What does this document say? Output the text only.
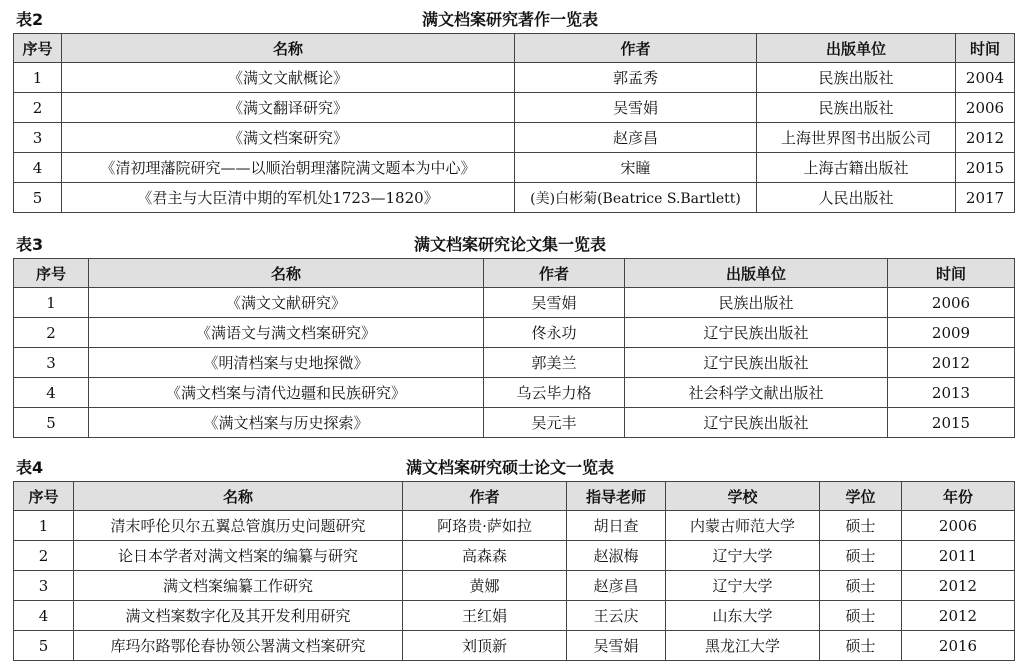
表2	满文档案研究著作一览表
序号	名称	作者	出版单位	时间
1	《满文文献概论》	郭孟秀	民族出版社	2004
2	《满文翻译研究》	吴雪娟	民族出版社	2006
3	《满文档案研究》	赵彦昌	上海世界图书出版公司	2012
4	《清初理藩院研究——以顺治朝理藩院满文题本为中心》	宋瞳	上海古籍出版社	2015
5	《君主与大臣清中期的军机处1723—1820》	(美)白彬菊(Beatrice S.Bartlett)	人民出版社	2017
表3	满文档案研究论文集一览表
序号	名称	作者	出版单位	时间
1	《满文文献研究》	吴雪娟	民族出版社	2006
2	《满语文与满文档案研究》	佟永功	辽宁民族出版社	2009
3	《明清档案与史地探微》	郭美兰	辽宁民族出版社	2012
4	《满文档案与清代边疆和民族研究》	乌云毕力格	社会科学文献出版社	2013
5	《满文档案与历史探索》	吴元丰	辽宁民族出版社	2015
表4	满文档案研究硕士论文一览表
序号	名称	作者	指导老师	学校	学位	年份
1	清末呼伦贝尔五翼总管旗历史问题研究	阿珞贵·萨如拉	胡日查	内蒙古师范大学	硕士	2006
2	论日本学者对满文档案的编纂与研究	高森森	赵淑梅	辽宁大学	硕士	2011
3	满文档案编纂工作研究	黄娜	赵彦昌	辽宁大学	硕士	2012
4	满文档案数字化及其开发利用研究	王红娟	王云庆	山东大学	硕士	2012
5	库玛尔路鄂伦春协领公署满文档案研究	刘顶新	吴雪娟	黑龙江大学	硕士	2016
